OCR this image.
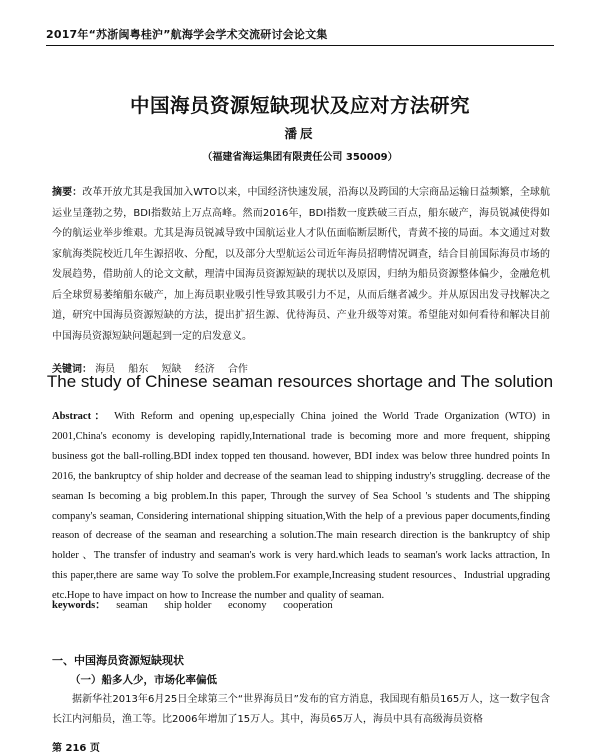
2017年“苏浙闽粤桂沪”航海学会学术交流研讨会论文集
中国海员资源短缺现状及应对方法研究
潘辰
（福建省海运集团有限责任公司 350009）
摘要：改革开放尤其是我国加入WTO以来，中国经济快速发展，沿海以及跨国的大宗商品运输日益频繁，全球航运业呈蓬勃之势，BDI指数站上万点高峰。然而2016年，BDI指数一度跌破三百点，船东破产，海员锐减使得如今的航运业举步维艰。尤其是海员锐减导致中国航运业人才队伍面临断层断代，青黄不接的局面。本文通过对数家航海类院校近几年生源招收、分配，以及部分大型航运公司近年海员招聘情况调查，结合目前国际海员市场的发展趋势，借助前人的论文文献，理清中国海员资源短缺的现状以及原因，归纳为船员资源整体偏少，金融危机后全球贸易萎缩船东破产，加上海员职业吸引性导致其吸引力不足，从而后继者减少。并从原因出发寻找解决之道，研究中国海员资源短缺的方法，提出扩招生源、优待海员、产业升级等对策。希望能对如何看待和解决目前中国海员资源短缺问题起到一定的启发意义。
关键词： 海员 船东 短缺 经济 合作
The study of Chinese seaman resources shortage and The solution
Abstract： With Reform and opening up,especially China joined the World Trade Organization (WTO) in 2001,China's economy is developing rapidly,International trade is becoming more and more frequent, shipping business got the ball-rolling.BDI index topped ten thousand. however, BDI index was below three hundred points In 2016, the bankruptcy of ship holder and decrease of the seaman lead to shipping industry's struggling. decrease of the seaman Is becoming a big problem.In this paper, Through the survey of Sea School 's students and The shipping company's seaman, Considering international shipping situation,With the help of a previous paper documents,finding reason of decrease of the seaman and researching a solution.The main research direction is the bankruptcy of ship holder 、The transfer of industry and seaman's work is very hard.which leads to seaman's work lacks attraction, In this paper,there are same way To solve the problem.For example,Increasing student resources、Industrial upgrading etc.Hope to have impact on how to Increase the number and quality of seaman.
keywords： seaman ship holder economy cooperation
一、中国海员资源短缺现状
（一）船多人少，市场化率偏低
据新华社2013年6月25日全球第三个“世界海员日”发布的官方消息，我国现有船员165万人，这一数字包含长江内河船员，渔工等。比2006年增加了15万人。其中，海员65万人，海员中具有高级海员资格
第 216 页
